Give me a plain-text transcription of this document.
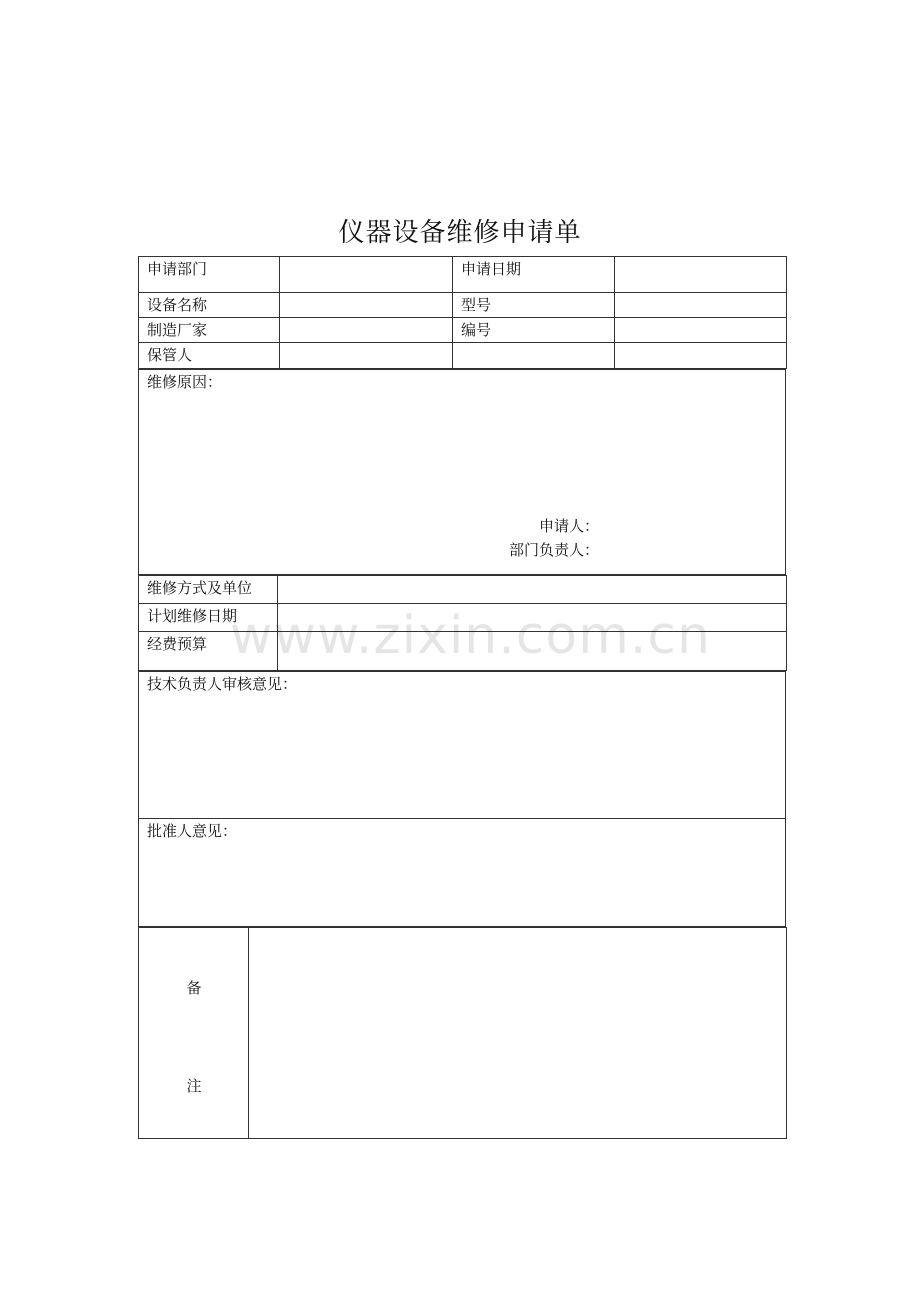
仪器设备维修申请单
申请部门		申请日期	
设备名称		型号	
制造厂家		编号	
保管人			
维修原因：
申请人：
部门负责人：
维修方式及单位	
计划维修日期	
经费预算	
技术负责人审核意见：

批准人意见：
备
注

www.zixin.com.cn
